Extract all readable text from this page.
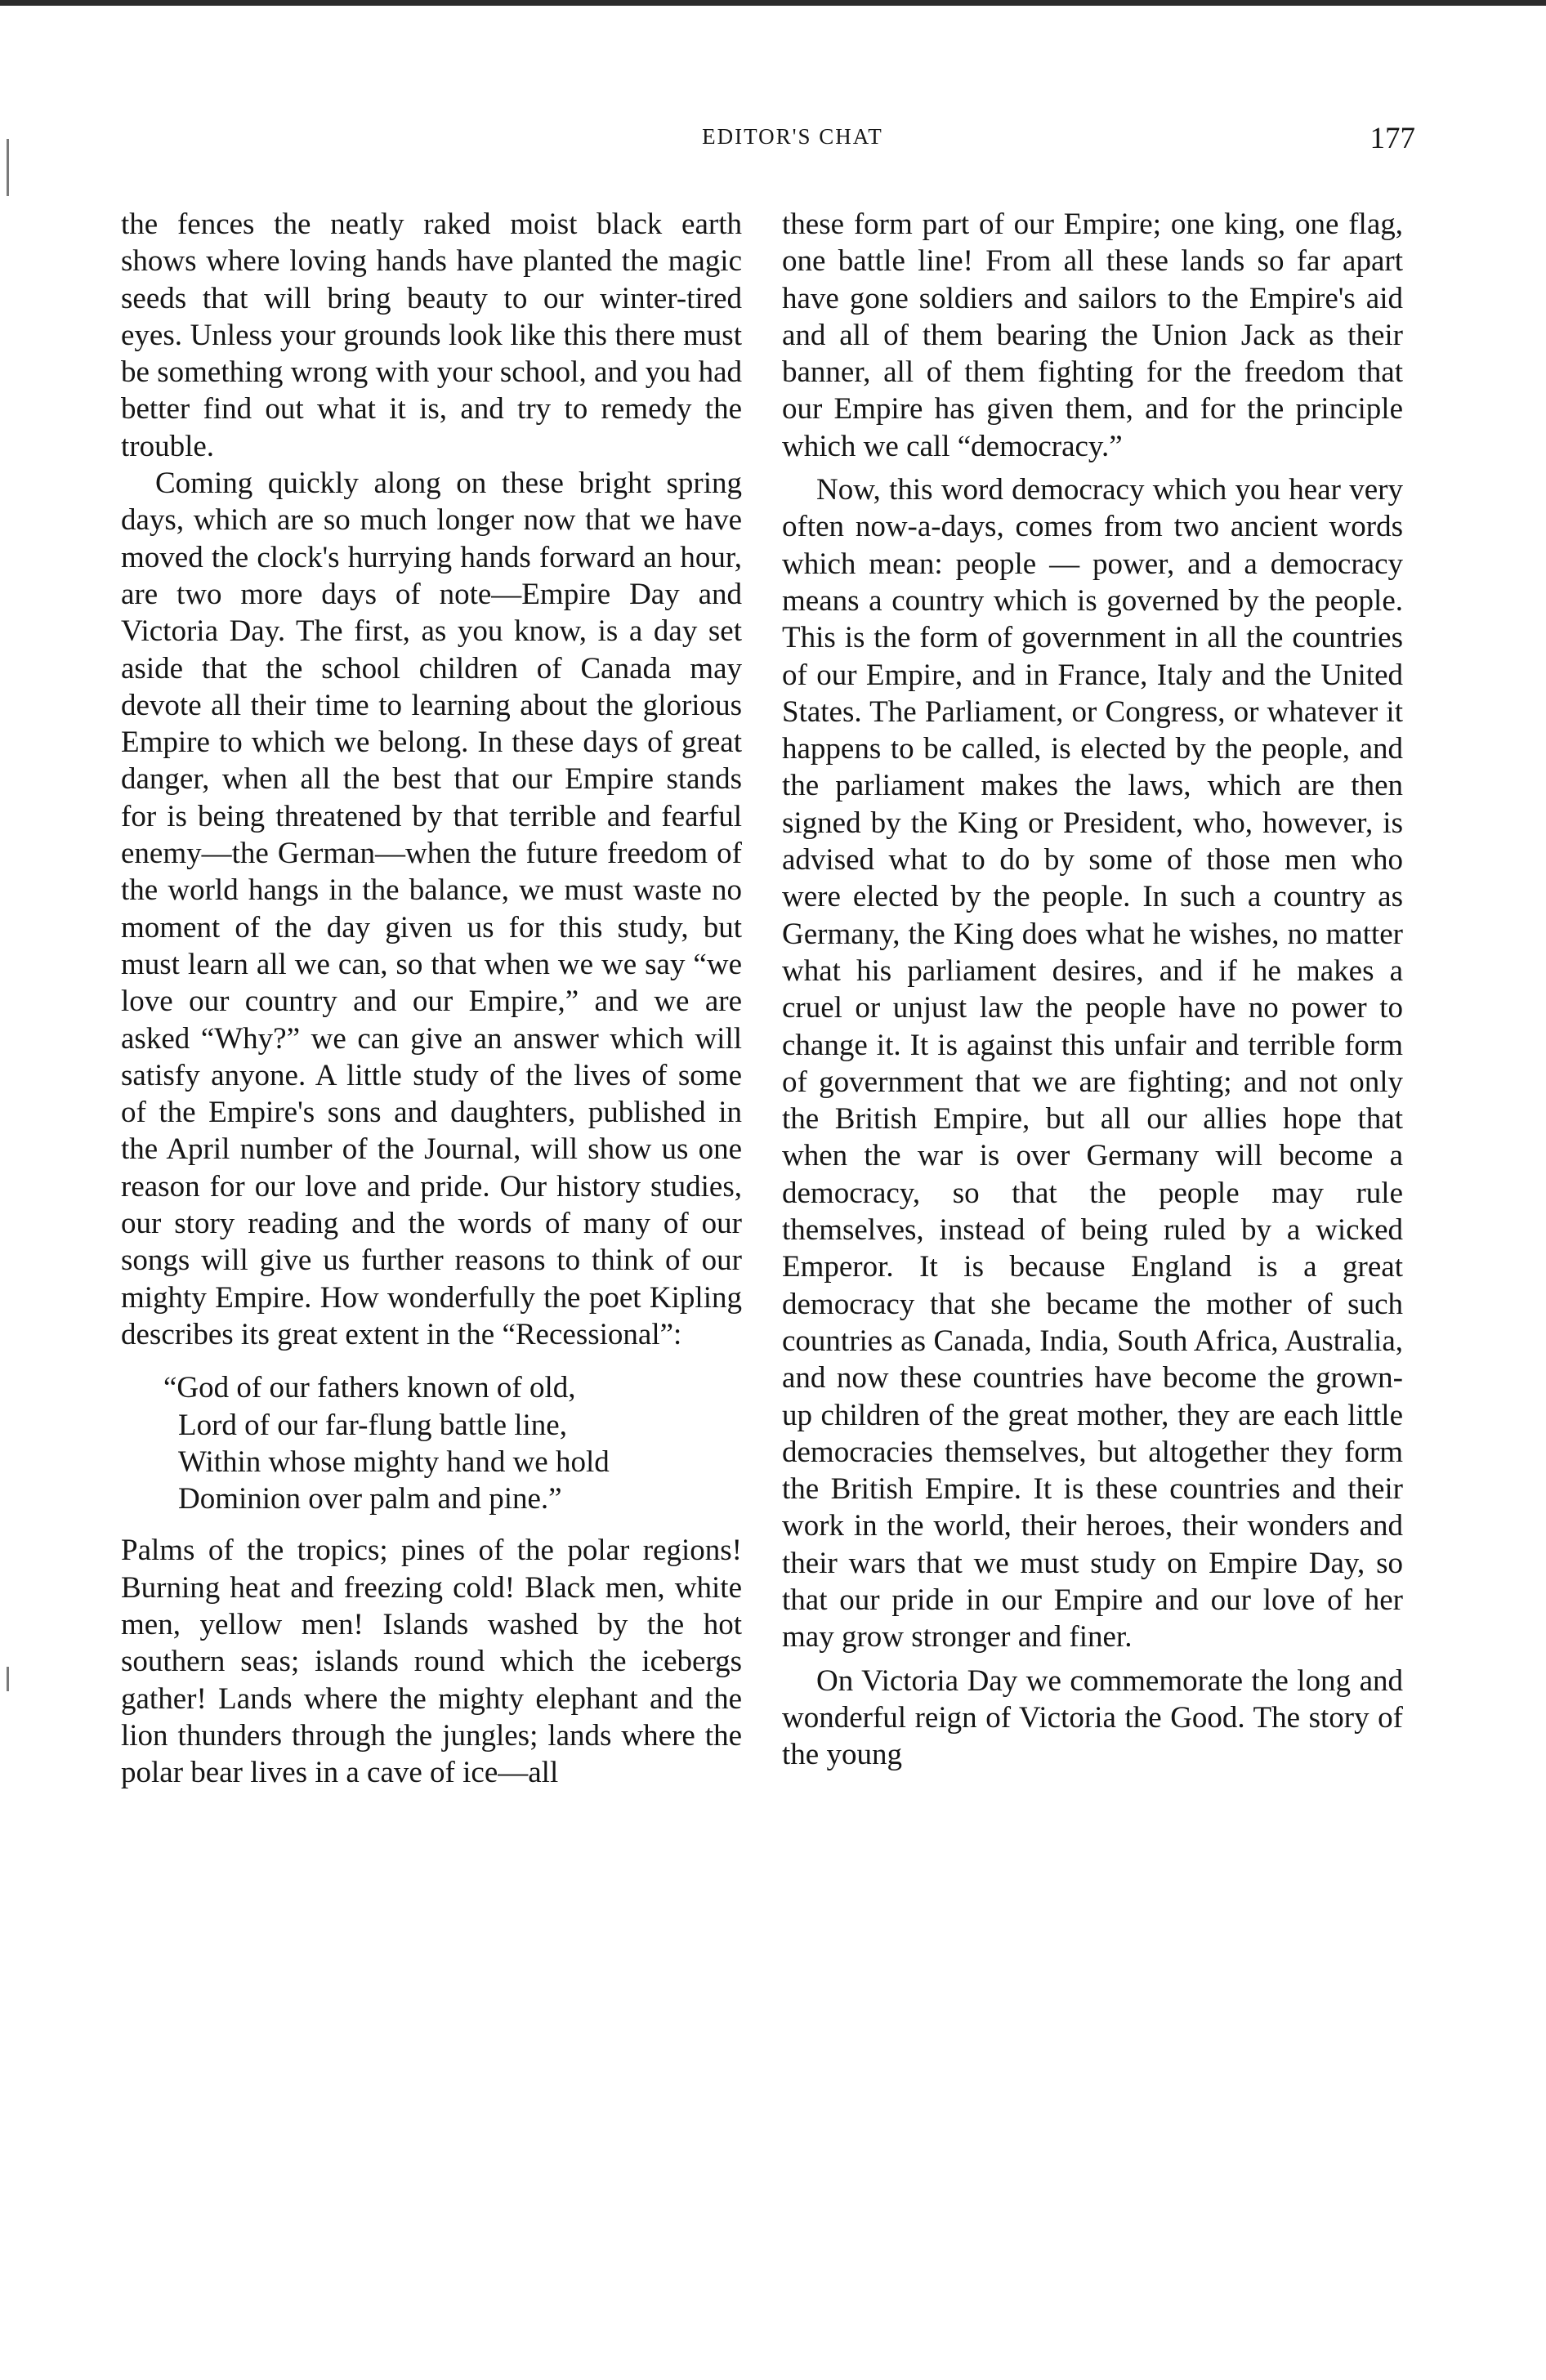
EDITOR'S CHAT	177

the fences the neatly raked moist black earth shows where loving hands have planted the magic seeds that will bring beauty to our winter-tired eyes. Unless your grounds look like this there must be something wrong with your school, and you had better find out what it is, and try to remedy the trouble.

Coming quickly along on these bright spring days, which are so much longer now that we have moved the clock's hurrying hands forward an hour, are two more days of note—Empire Day and Victoria Day. The first, as you know, is a day set aside that the school children of Canada may devote all their time to learning about the glorious Empire to which we belong. In these days of great danger, when all the best that our Empire stands for is being threatened by that terrible and fearful enemy—the German—when the future freedom of the world hangs in the balance, we must waste no moment of the day given us for this study, but must learn all we can, so that when we we say “we love our country and our Empire,” and we are asked “Why?” we can give an answer which will satisfy anyone. A little study of the lives of some of the Empire's sons and daughters, published in the April number of the Journal, will show us one reason for our love and pride. Our history studies, our story reading and the words of many of our songs will give us further reasons to think of our mighty Empire. How wonderfully the poet Kipling describes its great extent in the “Recessional”:

“God of our fathers known of old,
Lord of our far-flung battle line,
Within whose mighty hand we hold
Dominion over palm and pine.”

Palms of the tropics; pines of the polar regions! Burning heat and freezing cold! Black men, white men, yellow men! Islands washed by the hot southern seas; islands round which the icebergs gather! Lands where the mighty elephant and the lion thunders through the jungles; lands where the polar bear lives in a cave of ice—all

these form part of our Empire; one king, one flag, one battle line! From all these lands so far apart have gone soldiers and sailors to the Empire's aid and all of them bearing the Union Jack as their banner, all of them fighting for the freedom that our Empire has given them, and for the principle which we call “democracy.”

Now, this word democracy which you hear very often now-a-days, comes from two ancient words which mean: people — power, and a democracy means a country which is governed by the people. This is the form of government in all the countries of our Empire, and in France, Italy and the United States. The Parliament, or Congress, or whatever it happens to be called, is elected by the people, and the parliament makes the laws, which are then signed by the King or President, who, however, is advised what to do by some of those men who were elected by the people. In such a country as Germany, the King does what he wishes, no matter what his parliament desires, and if he makes a cruel or unjust law the people have no power to change it. It is against this unfair and terrible form of government that we are fighting; and not only the British Empire, but all our allies hope that when the war is over Germany will become a democracy, so that the people may rule themselves, instead of being ruled by a wicked Emperor. It is because England is a great democracy that she became the mother of such countries as Canada, India, South Africa, Australia, and now these countries have become the grown-up children of the great mother, they are each little democracies themselves, but altogether they form the British Empire. It is these countries and their work in the world, their heroes, their wonders and their wars that we must study on Empire Day, so that our pride in our Empire and our love of her may grow stronger and finer.

On Victoria Day we commemorate the long and wonderful reign of Victoria the Good. The story of the young
